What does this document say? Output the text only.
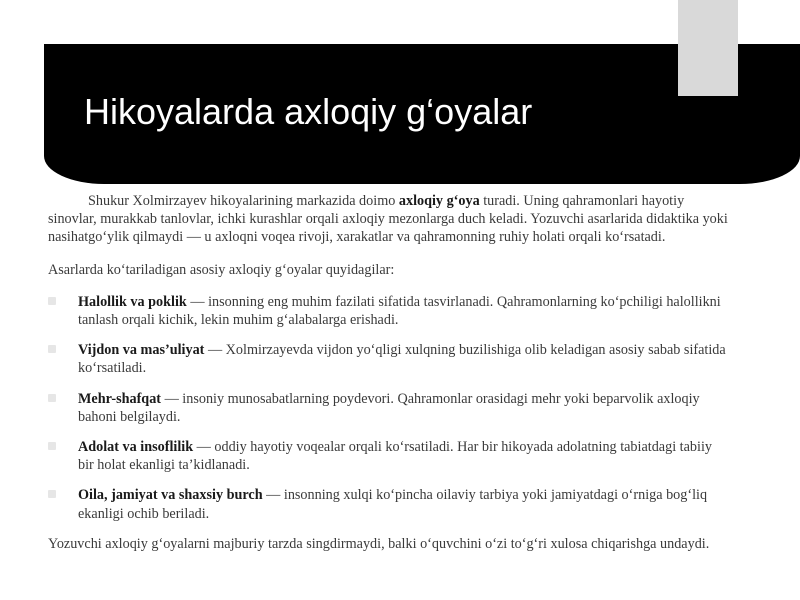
Hikoyalarda axloqiy g‘oyalar

Shukur Xolmirzayev hikoyalarining markazida doimo axloqiy g‘oya turadi. Uning qahramonlari hayotiy sinovlar, murakkab tanlovlar, ichki kurashlar orqali axloqiy mezonlarga duch keladi. Yozuvchi asarlarida didaktika yoki nasihatgo‘ylik qilmaydi — u axloqni voqea rivoji, xarakatlar va qahramonning ruhiy holati orqali ko‘rsatadi.

Asarlarda ko‘tariladigan asosiy axloqiy g‘oyalar quyidagilar:

Halollik va poklik — insonning eng muhim fazilati sifatida tasvirlanadi. Qahramonlarning ko‘pchiligi halollikni tanlash orqali kichik, lekin muhim g‘alabalarga erishadi.
Vijdon va mas’uliyat — Xolmirzayevda vijdon yo‘qligi xulqning buzilishiga olib keladigan asosiy sabab sifatida ko‘rsatiladi.
Mehr-shafqat — insoniy munosabatlarning poydevori. Qahramonlar orasidagi mehr yoki beparvolik axloqiy bahoni belgilaydi.
Adolat va insoflilik — oddiy hayotiy voqealar orqali ko‘rsatiladi. Har bir hikoyada adolatning tabiatdagi tabiiy bir holat ekanligi ta’kidlanadi.
Oila, jamiyat va shaxsiy burch — insonning xulqi ko‘pincha oilaviy tarbiya yoki jamiyatdagi o‘rniga bog‘liq ekanligi ochib beriladi.

Yozuvchi axloqiy g‘oyalarni majburiy tarzda singdirmaydi, balki o‘quvchini o‘zi to‘g‘ri xulosa chiqarishga undaydi.
